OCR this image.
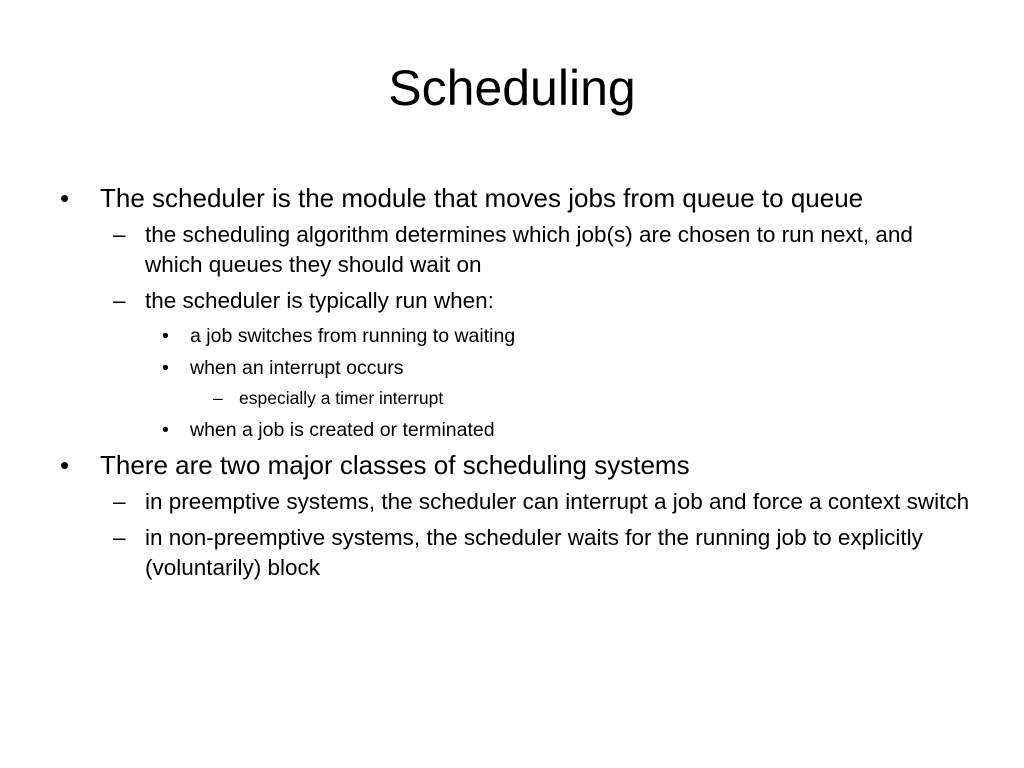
Scheduling
• The scheduler is the module that moves jobs from queue to queue
– the scheduling algorithm determines which job(s) are chosen to run next, and which queues they should wait on
– the scheduler is typically run when:
• a job switches from running to waiting
• when an interrupt occurs
– especially a timer interrupt
• when a job is created or terminated
• There are two major classes of scheduling systems
– in preemptive systems, the scheduler can interrupt a job and force a context switch
– in non-preemptive systems, the scheduler waits for the running job to explicitly (voluntarily) block
